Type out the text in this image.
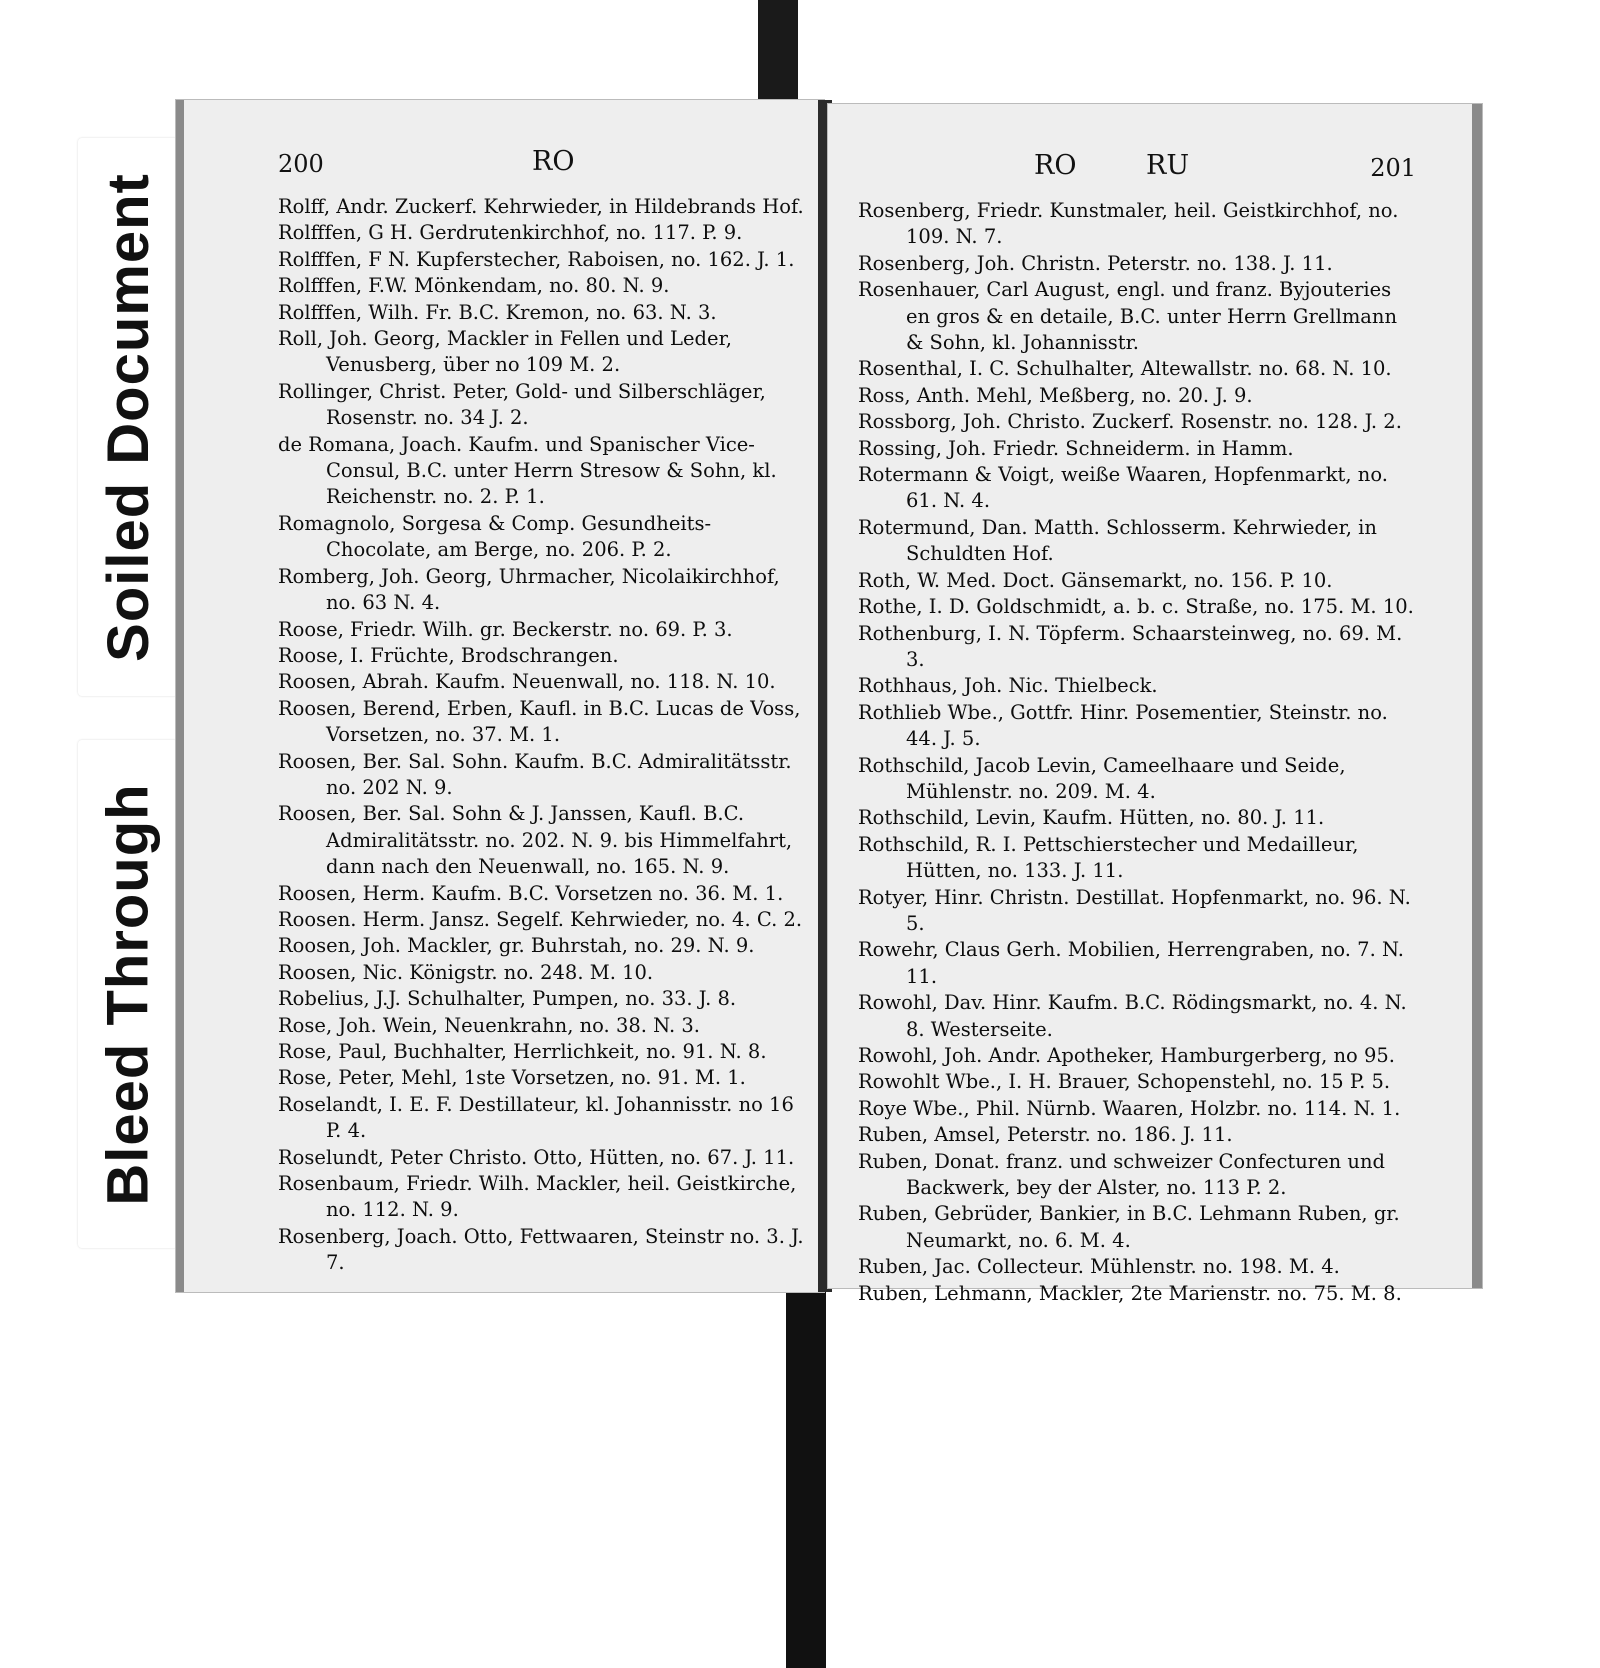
Soiled Document
Bleed Through
200	RO
Rolff, Andr. Zuckerf. Kehrwieder, in Hildebrands Hof.
Rolfffen, G H. Gerdrutenkirchhof, no. 117. P. 9.
Rolfffen, F N. Kupferstecher, Raboisen, no. 162. J. 1.
Rolfffen, F.W. Mönkendam, no. 80. N. 9.
Rolfffen, Wilh. Fr. B.C. Kremon, no. 63. N. 3.
Roll, Joh. Georg, Mackler in Fellen und Leder, Venusberg, über no 109 M. 2.
Rollinger, Christ. Peter, Gold- und Silberschläger, Rosenstr. no. 34 J. 2.
de Romana, Joach. Kaufm. und Spanischer Vice-Consul, B.C. unter Herrn Stresow & Sohn, kl. Reichenstr. no. 2. P. 1.
Romagnolo, Sorgesa & Comp. Gesundheits-Chocolate, am Berge, no. 206. P. 2.
Romberg, Joh. Georg, Uhrmacher, Nicolaikirchhof, no. 63 N. 4.
Roose, Friedr. Wilh. gr. Beckerstr. no. 69. P. 3.
Roose, I. Früchte, Brodschrangen.
Roosen, Abrah. Kaufm. Neuenwall, no. 118. N. 10.
Roosen, Berend, Erben, Kaufl. in B.C. Lucas de Voss, Vorsetzen, no. 37. M. 1.
Roosen, Ber. Sal. Sohn. Kaufm. B.C. Admiralitätsstr. no. 202 N. 9.
Roosen, Ber. Sal. Sohn & J. Janssen, Kaufl. B.C. Admiralitätsstr. no. 202. N. 9. bis Himmelfahrt, dann nach den Neuenwall, no. 165. N. 9.
Roosen, Herm. Kaufm. B.C. Vorsetzen no. 36. M. 1.
Roosen. Herm. Jansz. Segelf. Kehrwieder, no. 4. C. 2.
Roosen, Joh. Mackler, gr. Buhrstah, no. 29. N. 9.
Roosen, Nic. Königstr. no. 248. M. 10.
Robelius, J.J. Schulhalter, Pumpen, no. 33. J. 8.
Rose, Joh. Wein, Neuenkrahn, no. 38. N. 3.
Rose, Paul, Buchhalter, Herrlichkeit, no. 91. N. 8.
Rose, Peter, Mehl, 1ste Vorsetzen, no. 91. M. 1.
Roselandt, I. E. F. Destillateur, kl. Johannisstr. no 16 P. 4.
Roselundt, Peter Christo. Otto, Hütten, no. 67. J. 11.
Rosenbaum, Friedr. Wilh. Mackler, heil. Geistkirche, no. 112. N. 9.
Rosenberg, Joach. Otto, Fettwaaren, Steinstr no. 3. J. 7.
RO	RU	201
Rosenberg, Friedr. Kunstmaler, heil. Geistkirchhof, no. 109. N. 7.
Rosenberg, Joh. Christn. Peterstr. no. 138. J. 11.
Rosenhauer, Carl August, engl. und franz. Byjouteries en gros & en detaile, B.C. unter Herrn Grellmann & Sohn, kl. Johannisstr.
Rosenthal, I. C. Schulhalter, Altewallstr. no. 68. N. 10.
Ross, Anth. Mehl, Meßberg, no. 20. J. 9.
Rossborg, Joh. Christo. Zuckerf. Rosenstr. no. 128. J. 2.
Rossing, Joh. Friedr. Schneiderm. in Hamm.
Rotermann & Voigt, weiße Waaren, Hopfenmarkt, no. 61. N. 4.
Rotermund, Dan. Matth. Schlosserm. Kehrwieder, in Schuldten Hof.
Roth, W. Med. Doct. Gänsemarkt, no. 156. P. 10.
Rothe, I. D. Goldschmidt, a. b. c. Straße, no. 175. M. 10.
Rothenburg, I. N. Töpferm. Schaarsteinweg, no. 69. M. 3.
Rothhaus, Joh. Nic. Thielbeck.
Rothlieb Wbe., Gottfr. Hinr. Posementier, Steinstr. no. 44. J. 5.
Rothschild, Jacob Levin, Cameelhaare und Seide, Mühlenstr. no. 209. M. 4.
Rothschild, Levin, Kaufm. Hütten, no. 80. J. 11.
Rothschild, R. I. Pettschierstecher und Medailleur, Hütten, no. 133. J. 11.
Rotyer, Hinr. Christn. Destillat. Hopfenmarkt, no. 96. N. 5.
Rowehr, Claus Gerh. Mobilien, Herrengraben, no. 7. N. 11.
Rowohl, Dav. Hinr. Kaufm. B.C. Rödingsmarkt, no. 4. N. 8. Westerseite.
Rowohl, Joh. Andr. Apotheker, Hamburgerberg, no 95.
Rowohlt Wbe., I. H. Brauer, Schopenstehl, no. 15 P. 5.
Roye Wbe., Phil. Nürnb. Waaren, Holzbr. no. 114. N. 1.
Ruben, Amsel, Peterstr. no. 186. J. 11.
Ruben, Donat. franz. und schweizer Confecturen und Backwerk, bey der Alster, no. 113 P. 2.
Ruben, Gebrüder, Bankier, in B.C. Lehmann Ruben, gr. Neumarkt, no. 6. M. 4.
Ruben, Jac. Collecteur. Mühlenstr. no. 198. M. 4.
Ruben, Lehmann, Mackler, 2te Marienstr. no. 75. M. 8.
